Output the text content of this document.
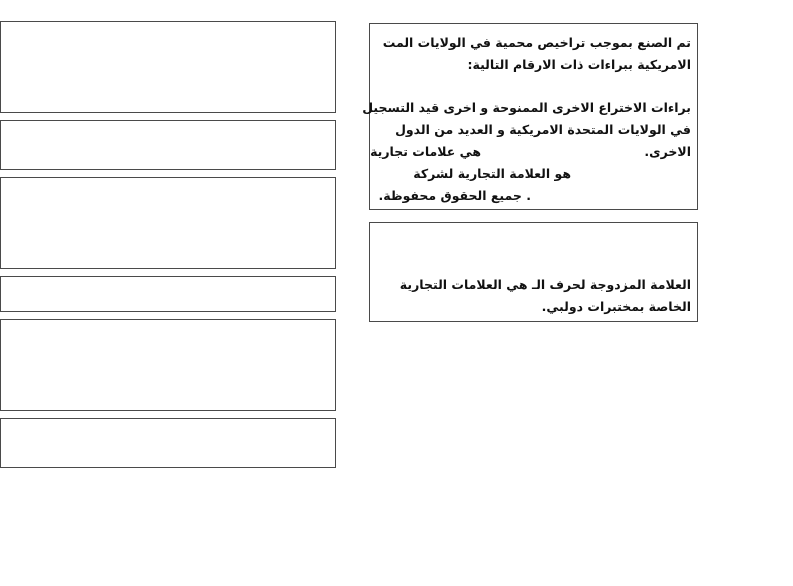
تم الصنع بموجب تراخيص محمية في الولايات المت
الامريكية ببراءات ذات الارقام التالية:
براءات الاختراع الاخرى الممنوحة و اخرى قيد التسجيل
في الولايات المتحدة الامريكية و العديد من الدول
الاخرى.
هي علامات تجارية
هو العلامة التجارية لشركة
. جميع الحقوق محفوظة.
العلامة المزدوجة لحرف الـ هي العلامات التجارية
الخاصة بمختبرات دولبي.
